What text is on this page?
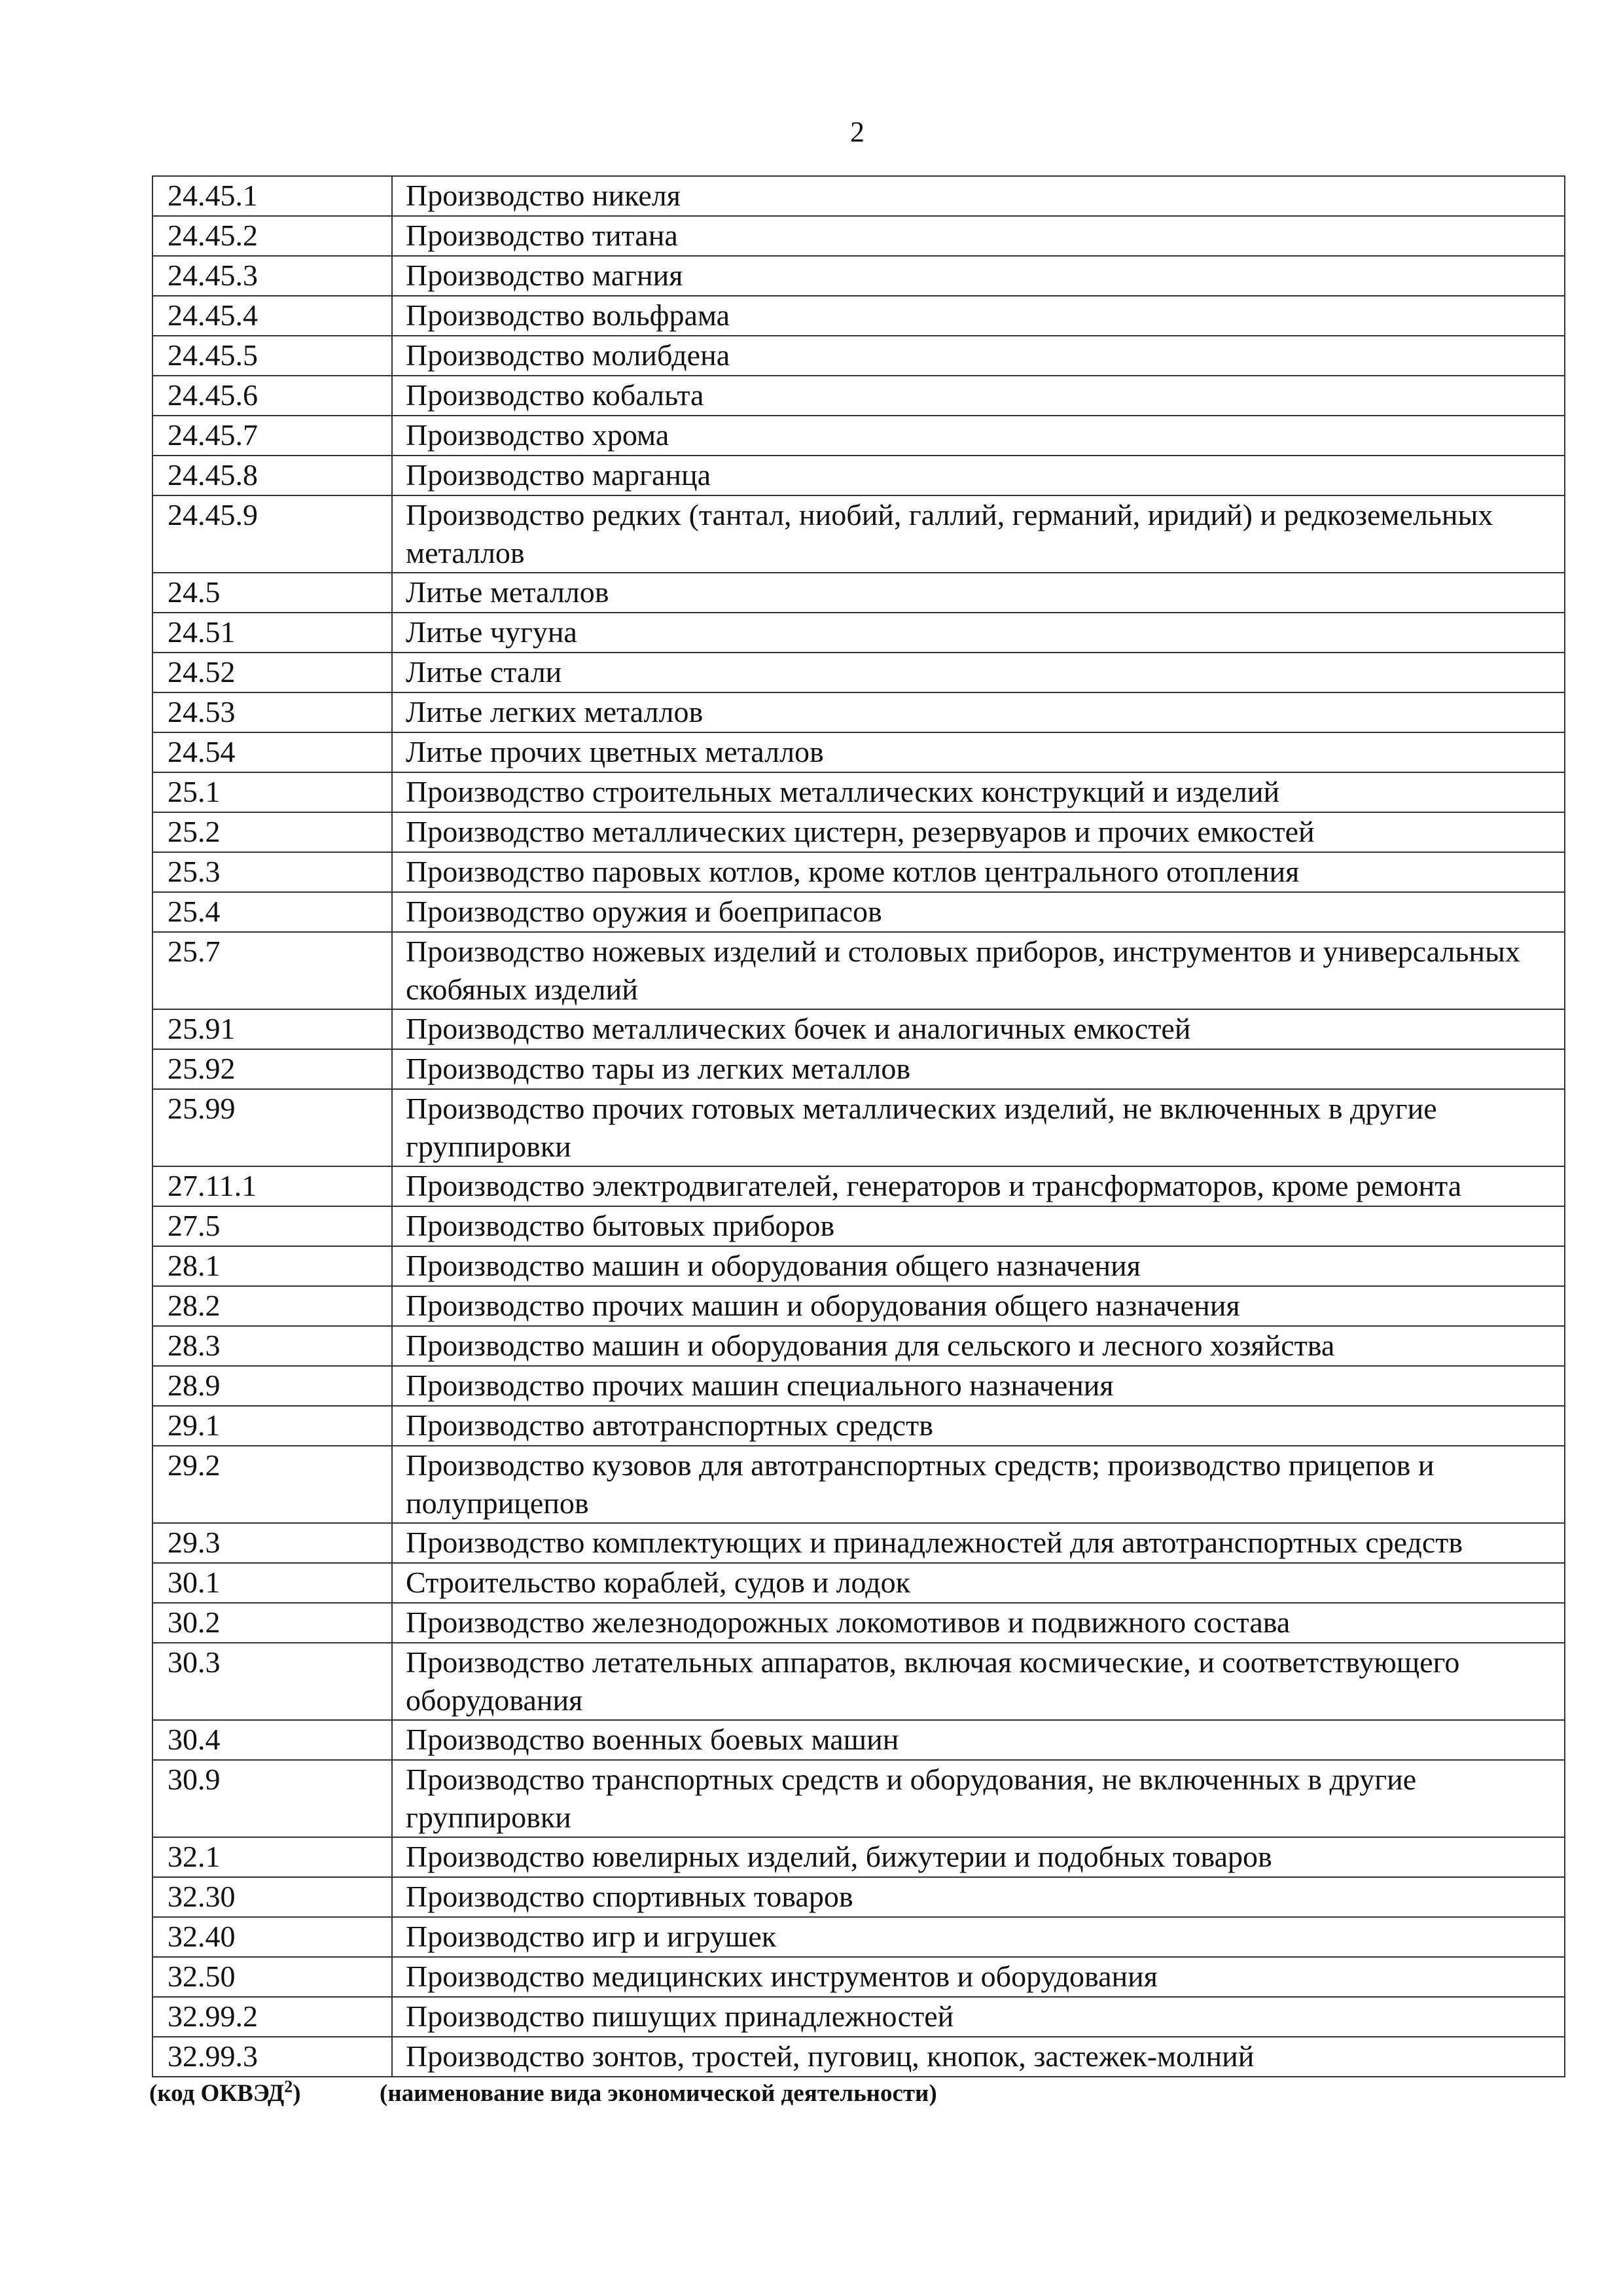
2
24.45.1	Производство никеля
24.45.2	Производство титана
24.45.3	Производство магния
24.45.4	Производство вольфрама
24.45.5	Производство молибдена
24.45.6	Производство кобальта
24.45.7	Производство хрома
24.45.8	Производство марганца
24.45.9	Производство редких (тантал, ниобий, галлий, германий, иридий) и редкоземельных металлов
24.5	Литье металлов
24.51	Литье чугуна
24.52	Литье стали
24.53	Литье легких металлов
24.54	Литье прочих цветных металлов
25.1	Производство строительных металлических конструкций и изделий
25.2	Производство металлических цистерн, резервуаров и прочих емкостей
25.3	Производство паровых котлов, кроме котлов центрального отопления
25.4	Производство оружия и боеприпасов
25.7	Производство ножевых изделий и столовых приборов, инструментов и универсальных скобяных изделий
25.91	Производство металлических бочек и аналогичных емкостей
25.92	Производство тары из легких металлов
25.99	Производство прочих готовых металлических изделий, не включенных в другие группировки
27.11.1	Производство электродвигателей, генераторов и трансформаторов, кроме ремонта
27.5	Производство бытовых приборов
28.1	Производство машин и оборудования общего назначения
28.2	Производство прочих машин и оборудования общего назначения
28.3	Производство машин и оборудования для сельского и лесного хозяйства
28.9	Производство прочих машин специального назначения
29.1	Производство автотранспортных средств
29.2	Производство кузовов для автотранспортных средств; производство прицепов и полуприцепов
29.3	Производство комплектующих и принадлежностей для автотранспортных средств
30.1	Строительство кораблей, судов и лодок
30.2	Производство железнодорожных локомотивов и подвижного состава
30.3	Производство летательных аппаратов, включая космические, и соответствующего оборудования
30.4	Производство военных боевых машин
30.9	Производство транспортных средств и оборудования, не включенных в другие группировки
32.1	Производство ювелирных изделий, бижутерии и подобных товаров
32.30	Производство спортивных товаров
32.40	Производство игр и игрушек
32.50	Производство медицинских инструментов и оборудования
32.99.2	Производство пишущих принадлежностей
32.99.3	Производство зонтов, тростей, пуговиц, кнопок, застежек-молний
(код ОКВЭД$^2$)	(наименование вида экономической деятельности)
